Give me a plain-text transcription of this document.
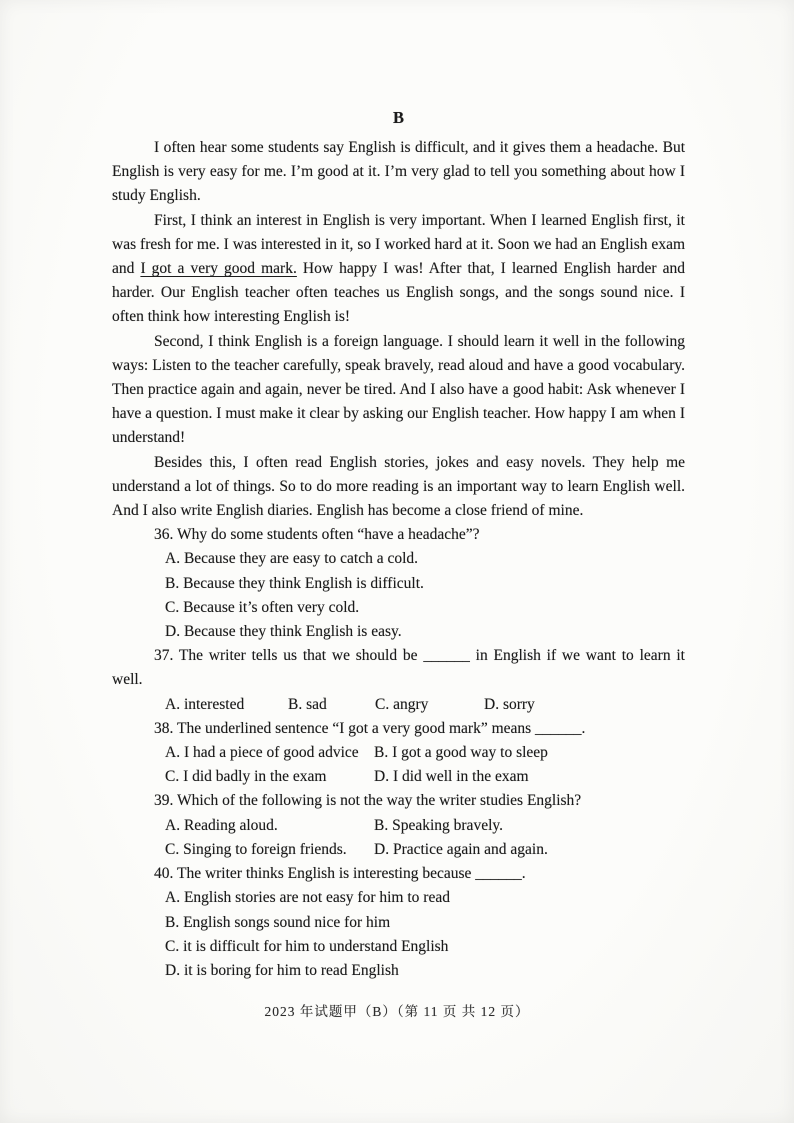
B

I often hear some students say English is difficult, and it gives them a headache. But English is very easy for me. I’m good at it. I’m very glad to tell you something about how I study English.

First, I think an interest in English is very important. When I learned English first, it was fresh for me. I was interested in it, so I worked hard at it. Soon we had an English exam and I got a very good mark. How happy I was! After that, I learned English harder and harder. Our English teacher often teaches us English songs, and the songs sound nice. I often think how interesting English is!

Second, I think English is a foreign language. I should learn it well in the following ways: Listen to the teacher carefully, speak bravely, read aloud and have a good vocabulary. Then practice again and again, never be tired. And I also have a good habit: Ask whenever I have a question. I must make it clear by asking our English teacher. How happy I am when I understand!

Besides this, I often read English stories, jokes and easy novels. They help me understand a lot of things. So to do more reading is an important way to learn English well. And I also write English diaries. English has become a close friend of mine.

36. Why do some students often “have a headache”?

A. Because they are easy to catch a cold.
B. Because they think English is difficult.
C. Because it’s often very cold.
D. Because they think English is easy.

37. The writer tells us that we should be ______ in English if we want to learn it well.

A. interested	B. sad	C. angry	D. sorry

38. The underlined sentence “I got a very good mark” means ______.

A. I had a piece of good advice B. I got a good way to sleep
C. I did badly in the exam	D. I did well in the exam

39. Which of the following is not the way the writer studies English?

A. Reading aloud.	B. Speaking bravely.
C. Singing to foreign friends.	D. Practice again and again.

40. The writer thinks English is interesting because ______.

A. English stories are not easy for him to read
B. English songs sound nice for him
C. it is difficult for him to understand English
D. it is boring for him to read English
2023 年试题甲（B）（第 11 页 共 12 页）
